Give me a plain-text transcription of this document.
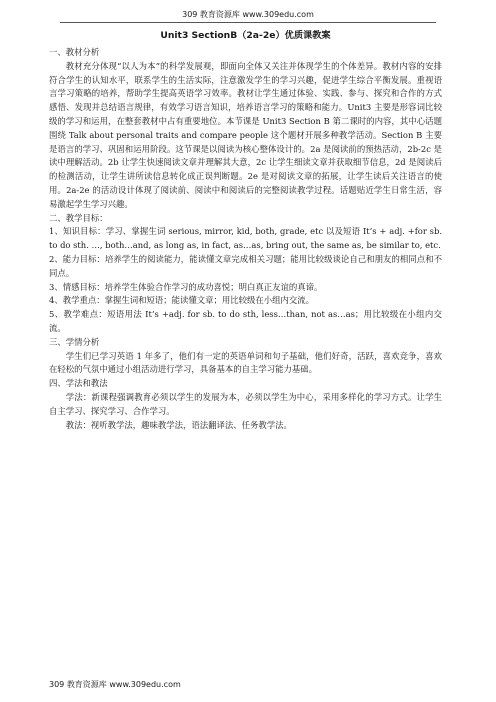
309 教育资源库 www.309edu.com
Unit3 SectionB（2a-2e）优质课教案
一、教材分析
教材充分体现“以人为本”的科学发展观，即面向全体又关注并体现学生的个体差异。教材内容的安排符合学生的认知水平，联系学生的生活实际，注意激发学生的学习兴趣，促进学生综合平衡发展。重视语言学习策略的培养，帮助学生提高英语学习效率。教材让学生通过体验、实践、参与、探究和合作的方式感悟、发现并总结语言规律，有效学习语言知识，培养语言学习的策略和能力。Unit3 主要是形容词比较级的学习和运用，在整套教材中占有重要地位。本节课是 Unit3 Section B 第二课时的内容，其中心话题围绕 Talk about personal traits and compare people 这个题材开展多种教学活动。Section B 主要是语言的学习、巩固和运用阶段。这节课是以阅读为核心整体设计的。2a 是阅读前的预热活动，2b-2c 是读中理解活动。2b 让学生快速阅读文章并理解其大意，2c 让学生细读文章并获取细节信息，2d 是阅读后的检测活动，让学生讲所读信息转化成正误判断题。2e 是对阅读文章的拓展，让学生读后关注语言的使用。2a-2e 的活动设计体现了阅读前、阅读中和阅读后的完整阅读教学过程。话题贴近学生日常生活，容易激起学生学习兴趣。
二、教学目标：
1、知识目标：学习、掌握生词 serious, mirror, kid, both, grade, etc 以及短语 It’s + adj. +for sb. to do sth. …, both…and, as long as, in fact, as…as, bring out, the same as, be similar to, etc.
2、能力目标：培养学生的阅读能力，能读懂文章完成相关习题；能用比较级谈论自己和朋友的相同点和不同点。
3、情感目标：培养学生体验合作学习的成功喜悦；明白真正友谊的真谛。
4、教学重点：掌握生词和短语；能读懂文章；用比较级在小组内交流。
5、教学难点：短语用法 It’s +adj. for sb. to do sth, less…than, not as…as；用比较级在小组内交流。
三、学情分析
学生们已学习英语 1 年多了，他们有一定的英语单词和句子基础，他们好奇，活跃，喜欢竞争，喜欢在轻松的气氛中通过小组活动进行学习，具备基本的自主学习能力基础。
四、学法和教法
学法：新课程强调教育必须以学生的发展为本，必须以学生为中心，采用多样化的学习方式。让学生自主学习、探究学习、合作学习。
教法：视听教学法，趣味教学法，语法翻译法、任务教学法。
309 教育资源库 www.309edu.com
